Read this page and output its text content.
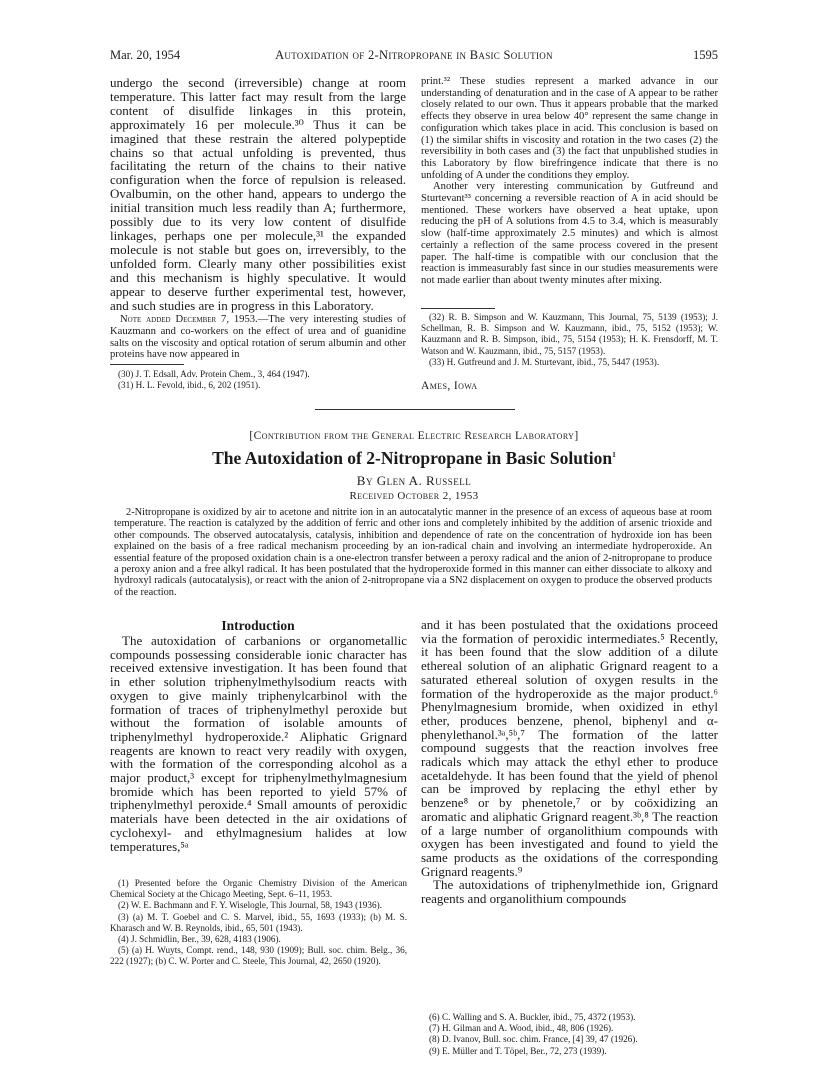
Mar. 20, 1954	Autoxidation of 2-Nitropropane in Basic Solution	1595

undergo the second (irreversible) change at room temperature. This latter fact may result from the large content of disulfide linkages in this protein, approximately 16 per molecule.³⁰ Thus it can be imagined that these restrain the altered polypeptide chains so that actual unfolding is prevented, thus facilitating the return of the chains to their native configuration when the force of repulsion is released. Ovalbumin, on the other hand, appears to undergo the initial transition much less readily than A; furthermore, possibly due to its very low content of disulfide linkages, perhaps one per molecule,³¹ the expanded molecule is not stable but goes on, irreversibly, to the unfolded form. Clearly many other possibilities exist and this mechanism is highly speculative. It would appear to deserve further experimental test, however, and such studies are in progress in this Laboratory.

Note added December 7, 1953.—The very interesting studies of Kauzmann and co-workers on the effect of urea and of guanidine salts on the viscosity and optical rotation of serum albumin and other proteins have now appeared in

(30) J. T. Edsall, Adv. Protein Chem., 3, 464 (1947).

(31) H. L. Fevold, ibid., 6, 202 (1951).

print.³² These studies represent a marked advance in our understanding of denaturation and in the case of A appear to be rather closely related to our own. Thus it appears probable that the marked effects they observe in urea below 40° represent the same change in configuration which takes place in acid. This conclusion is based on (1) the similar shifts in viscosity and rotation in the two cases (2) the reversibility in both cases and (3) the fact that unpublished studies in this Laboratory by flow birefringence indicate that there is no unfolding of A under the conditions they employ.

Another very interesting communication by Gutfreund and Sturtevant³³ concerning a reversible reaction of A in acid should be mentioned. These workers have observed a heat uptake, upon reducing the pH of A solutions from 4.5 to 3.4, which is measurably slow (half-time approximately 2.5 minutes) and which is almost certainly a reflection of the same process covered in the present paper. The half-time is compatible with our conclusion that the reaction is immeasurably fast since in our studies measurements were not made earlier than about twenty minutes after mixing.

(32) R. B. Simpson and W. Kauzmann, This Journal, 75, 5139 (1953); J. Schellman, R. B. Simpson and W. Kauzmann, ibid., 75, 5152 (1953); W. Kauzmann and R. B. Simpson, ibid., 75, 5154 (1953); H. K. Frensdorff, M. T. Watson and W. Kauzmann, ibid., 75, 5157 (1953).

(33) H. Gutfreund and J. M. Sturtevant, ibid., 75, 5447 (1953).

Ames, Iowa
[Contribution from the General Electric Research Laboratory]
The Autoxidation of 2-Nitropropane in Basic Solution$^1$
By Glen A. Russell
Received October 2, 1953
2-Nitropropane is oxidized by air to acetone and nitrite ion in an autocatalytic manner in the presence of an excess of aqueous base at room temperature. The reaction is catalyzed by the addition of ferric and other ions and completely inhibited by the addition of arsenic trioxide and other compounds. The observed autocatalysis, catalysis, inhibition and dependence of rate on the concentration of hydroxide ion has been explained on the basis of a free radical mechanism proceeding by an ion-radical chain and involving an intermediate hydroperoxide. An essential feature of the proposed oxidation chain is a one-electron transfer between a peroxy radical and the anion of 2-nitropropane to produce a peroxy anion and a free alkyl radical. It has been postulated that the hydroperoxide formed in this manner can either dissociate to alkoxy and hydroxyl radicals (autocatalysis), or react with the anion of 2-nitropropane via a SN2 displacement on oxygen to produce the observed products of the reaction.
Introduction

The autoxidation of carbanions or organometallic compounds possessing considerable ionic character has received extensive investigation. It has been found that in ether solution triphenylmethylsodium reacts with oxygen to give mainly triphenylcarbinol with the formation of traces of triphenylmethyl peroxide but without the formation of isolable amounts of triphenylmethyl hydroperoxide.² Aliphatic Grignard reagents are known to react very readily with oxygen, with the formation of the corresponding alcohol as a major product,³ except for triphenylmethylmagnesium bromide which has been reported to yield 57% of triphenylmethyl peroxide.⁴ Small amounts of peroxidic materials have been detected in the air oxidations of cyclohexyl- and ethylmagnesium halides at low temperatures,⁵ᵃ

(1) Presented before the Organic Chemistry Division of the American Chemical Society at the Chicago Meeting, Sept. 6–11, 1953.

(2) W. E. Bachmann and F. Y. Wiselogle, This Journal, 58, 1943 (1936).

(3) (a) M. T. Goebel and C. S. Marvel, ibid., 55, 1693 (1933); (b) M. S. Kharasch and W. B. Reynolds, ibid., 65, 501 (1943).

(4) J. Schmidlin, Ber., 39, 628, 4183 (1906).

(5) (a) H. Wuyts, Compt. rend., 148, 930 (1909); Bull. soc. chim. Belg., 36, 222 (1927); (b) C. W. Porter and C. Steele, This Journal, 42, 2650 (1920).

and it has been postulated that the oxidations proceed via the formation of peroxidic intermediates.⁵ Recently, it has been found that the slow addition of a dilute ethereal solution of an aliphatic Grignard reagent to a saturated ethereal solution of oxygen results in the formation of the hydroperoxide as the major product.⁶ Phenylmagnesium bromide, when oxidized in ethyl ether, produces benzene, phenol, biphenyl and α-phenylethanol.³ᵃ,⁵ᵇ,⁷ The formation of the latter compound suggests that the reaction involves free radicals which may attack the ethyl ether to produce acetaldehyde. It has been found that the yield of phenol can be improved by replacing the ethyl ether by benzene⁸ or by phenetole,⁷ or by coöxidizing an aromatic and aliphatic Grignard reagent.³ᵇ,⁸ The reaction of a large number of organolithium compounds with oxygen has been investigated and found to yield the same products as the oxidations of the corresponding Grignard reagents.⁹

The autoxidations of triphenylmethide ion, Grignard reagents and organolithium compounds

(6) C. Walling and S. A. Buckler, ibid., 75, 4372 (1953).

(7) H. Gilman and A. Wood, ibid., 48, 806 (1926).

(8) D. Ivanov, Bull. soc. chim. France, [4] 39, 47 (1926).

(9) E. Müller and T. Töpel, Ber., 72, 273 (1939).
